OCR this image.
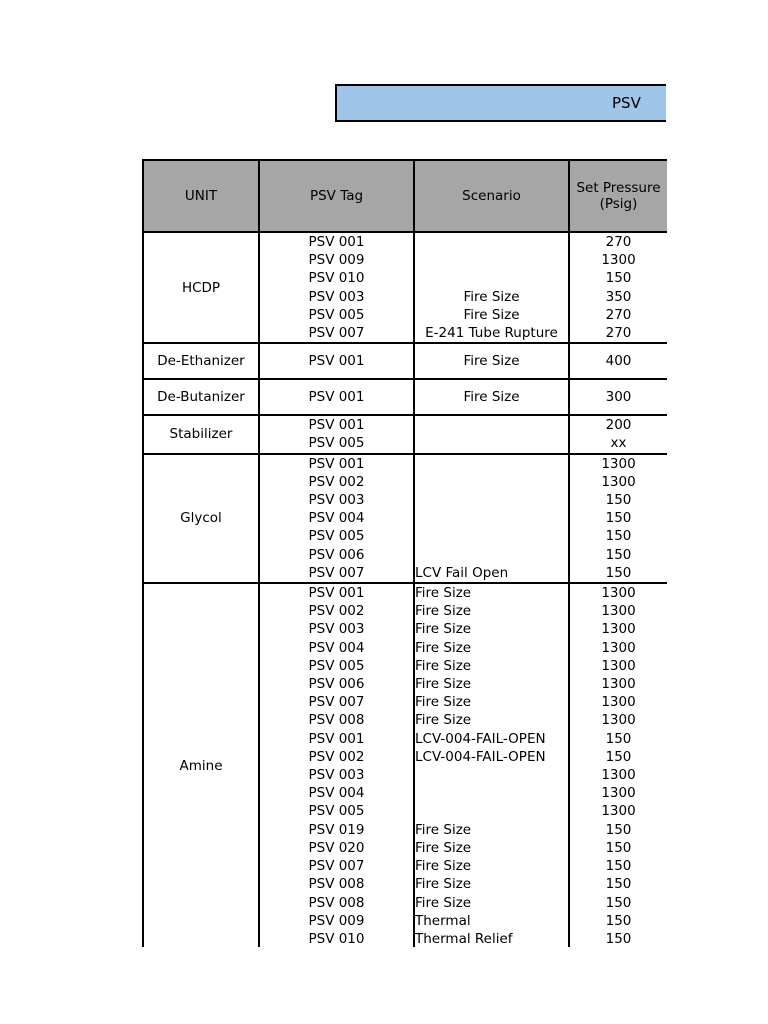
PSV
UNIT	PSV Tag	Scenario	Set Pressure
(Psig)
HCDP	PSV 001		270
	PSV 009		1300
	PSV 010		150
	PSV 003	Fire Size	350
	PSV 005	Fire Size	270
	PSV 007	E-241 Tube Rupture	270
De-Ethanizer	PSV 001	Fire Size	400
De-Butanizer	PSV 001	Fire Size	300
Stabilizer	PSV 001		200
	PSV 005		xx
Glycol	PSV 001		1300
	PSV 002		1300
	PSV 003		150
	PSV 004		150
	PSV 005		150
	PSV 006		150
	PSV 007	LCV Fail Open	150
Amine	PSV 001	Fire Size	1300
	PSV 002	Fire Size	1300
	PSV 003	Fire Size	1300
	PSV 004	Fire Size	1300
	PSV 005	Fire Size	1300
	PSV 006	Fire Size	1300
	PSV 007	Fire Size	1300
	PSV 008	Fire Size	1300
	PSV 001	LCV-004-FAIL-OPEN	150
	PSV 002	LCV-004-FAIL-OPEN	150
	PSV 003		1300
	PSV 004		1300
	PSV 005		1300
	PSV 019	Fire Size	150
	PSV 020	Fire Size	150
	PSV 007	Fire Size	150
	PSV 008	Fire Size	150
	PSV 008	Fire Size	150
	PSV 009	Thermal	150
	PSV 010	Thermal Relief	150
